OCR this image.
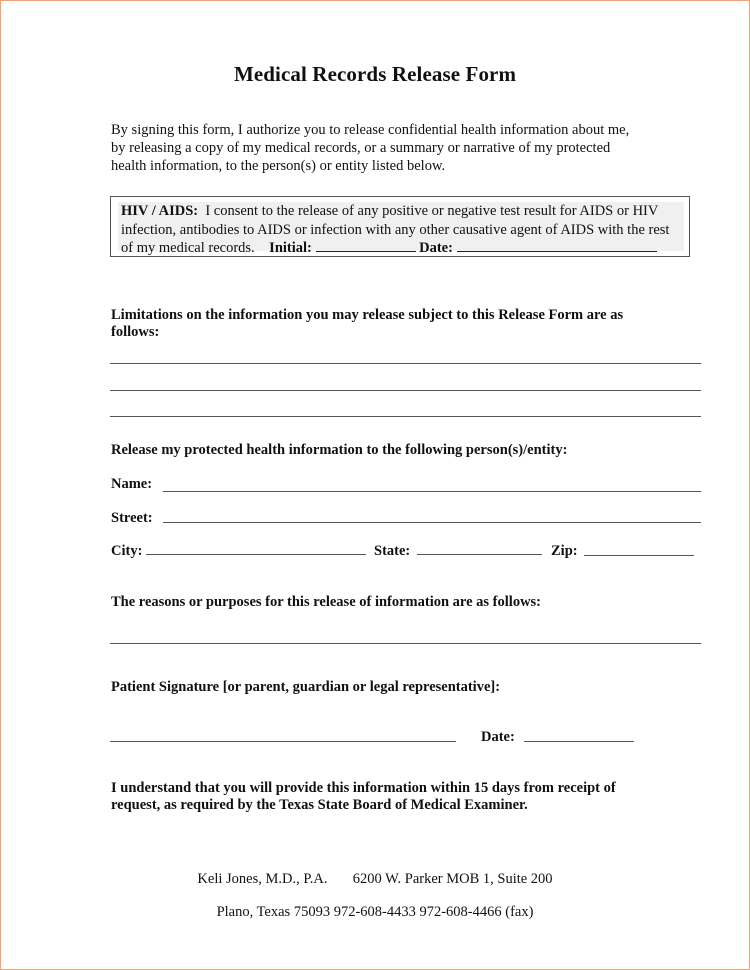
Medical Records Release Form
By signing this form, I authorize you to release confidential health information about me,
by releasing a copy of my medical records, or a summary or narrative of my protected
health information, to the person(s) or entity listed below.
HIV / AIDS: I consent to the release of any positive or negative test result for AIDS or HIV
infection, antibodies to AIDS or infection with any other causative agent of AIDS with the rest
of my medical records. Initial:	Date:
Limitations on the information you may release subject to this Release Form are as
follows:
Release my protected health information to the following person(s)/entity:
Name:
Street:
City:	State:	Zip:
The reasons or purposes for this release of information are as follows:
Patient Signature [or parent, guardian or legal representative]:
Date:
I understand that you will provide this information within 15 days from receipt of
request, as required by the Texas State Board of Medical Examiner.
Keli Jones, M.D., P.A. 6200 W. Parker MOB 1, Suite 200
Plano, Texas 75093 972-608-4433 972-608-4466 (fax)
